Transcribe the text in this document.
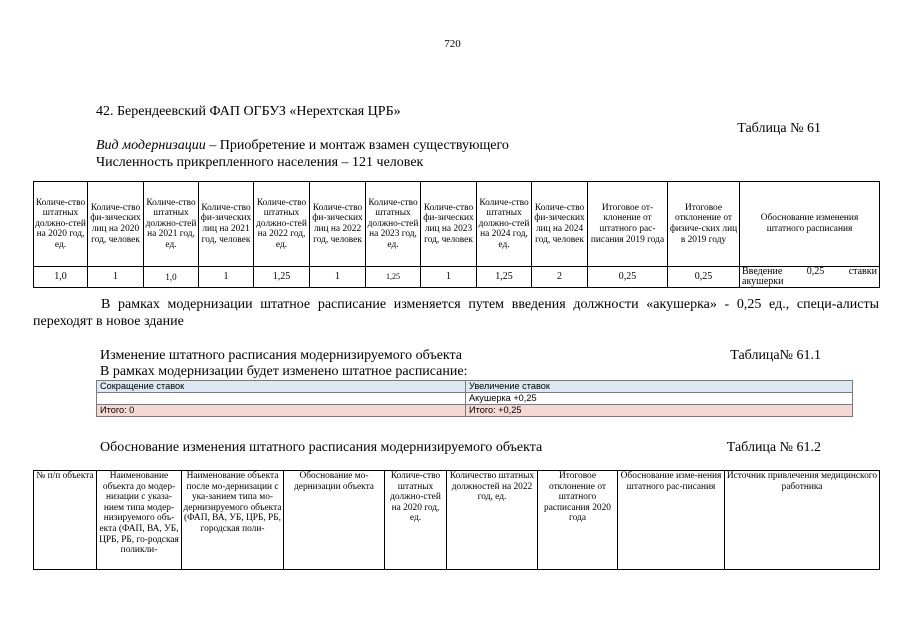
720
42. Берендеевский ФАП ОГБУЗ «Нерехтская ЦРБ»
Таблица № 61
Вид модернизации – Приобретение и монтаж взамен существующего
Численность прикрепленного населения – 121 человек
Количе-ство штатных должно-стей на 2020 год, ед.	Количе-ство фи-зических лиц на 2020 год, человек	Количе-ство штатных должно-стей на 2021 год, ед.	Количе-ство фи-зических лиц на 2021 год, человек	Количе-ство штатных должно-стей на 2022 год, ед.	Количе-ство фи-зических лиц на 2022 год, человек	Количе-ство штатных должно-стей на 2023 год, ед.	Количе-ство фи-зических лиц на 2023 год, человек	Количе-ство штатных должно-стей на 2024 год, ед.	Количе-ство фи-зических лиц на 2024 год, человек	Итоговое от-клонение от штатного рас-писания 2019 года	Итоговое отклонение от физиче-ских лиц в 2019 году	Обоснование изменения штатного расписания
1,0	1	1,0	1	1,25	1	1,25	1	1,25	2	0,25	0,25	Введение 0,25 ставки
акушерки
В рамках модернизации штатное расписание изменяется путем введения должности «акушерка» - 0,25 ед., специ-алисты переходят в новое здание
Изменение штатного расписания модернизируемого объекта	Таблица№ 61.1
В рамках модернизации будет изменено штатное расписание:
Сокращение ставок	Увеличение ставок
	Акушерка +0,25
Итого: 0	Итого: +0,25
Обоснование изменения штатного расписания модернизируемого объекта	Таблица № 61.2
№ п/п объекта	Наименование объекта до модер-низации с указа-нием типа модер-низируемого объ-екта (ФАП, ВА, УБ, ЦРБ, РБ, го-родская поликли-	Наименование объекта после мо-дернизации с ука-занием типа мо-дернизируемого объекта (ФАП, ВА, УБ, ЦРБ, РБ, городская поли-	Обоснование мо-дернизации объекта	Количе-ство штатных должно-стей на 2020 год, ед.	Количество штатных должностей на 2022 год, ед.	Итоговое отклонение от штатного расписания 2020 года	Обоснование изме-нения штатного рас-писания	Источник привлечения медицинского работника
